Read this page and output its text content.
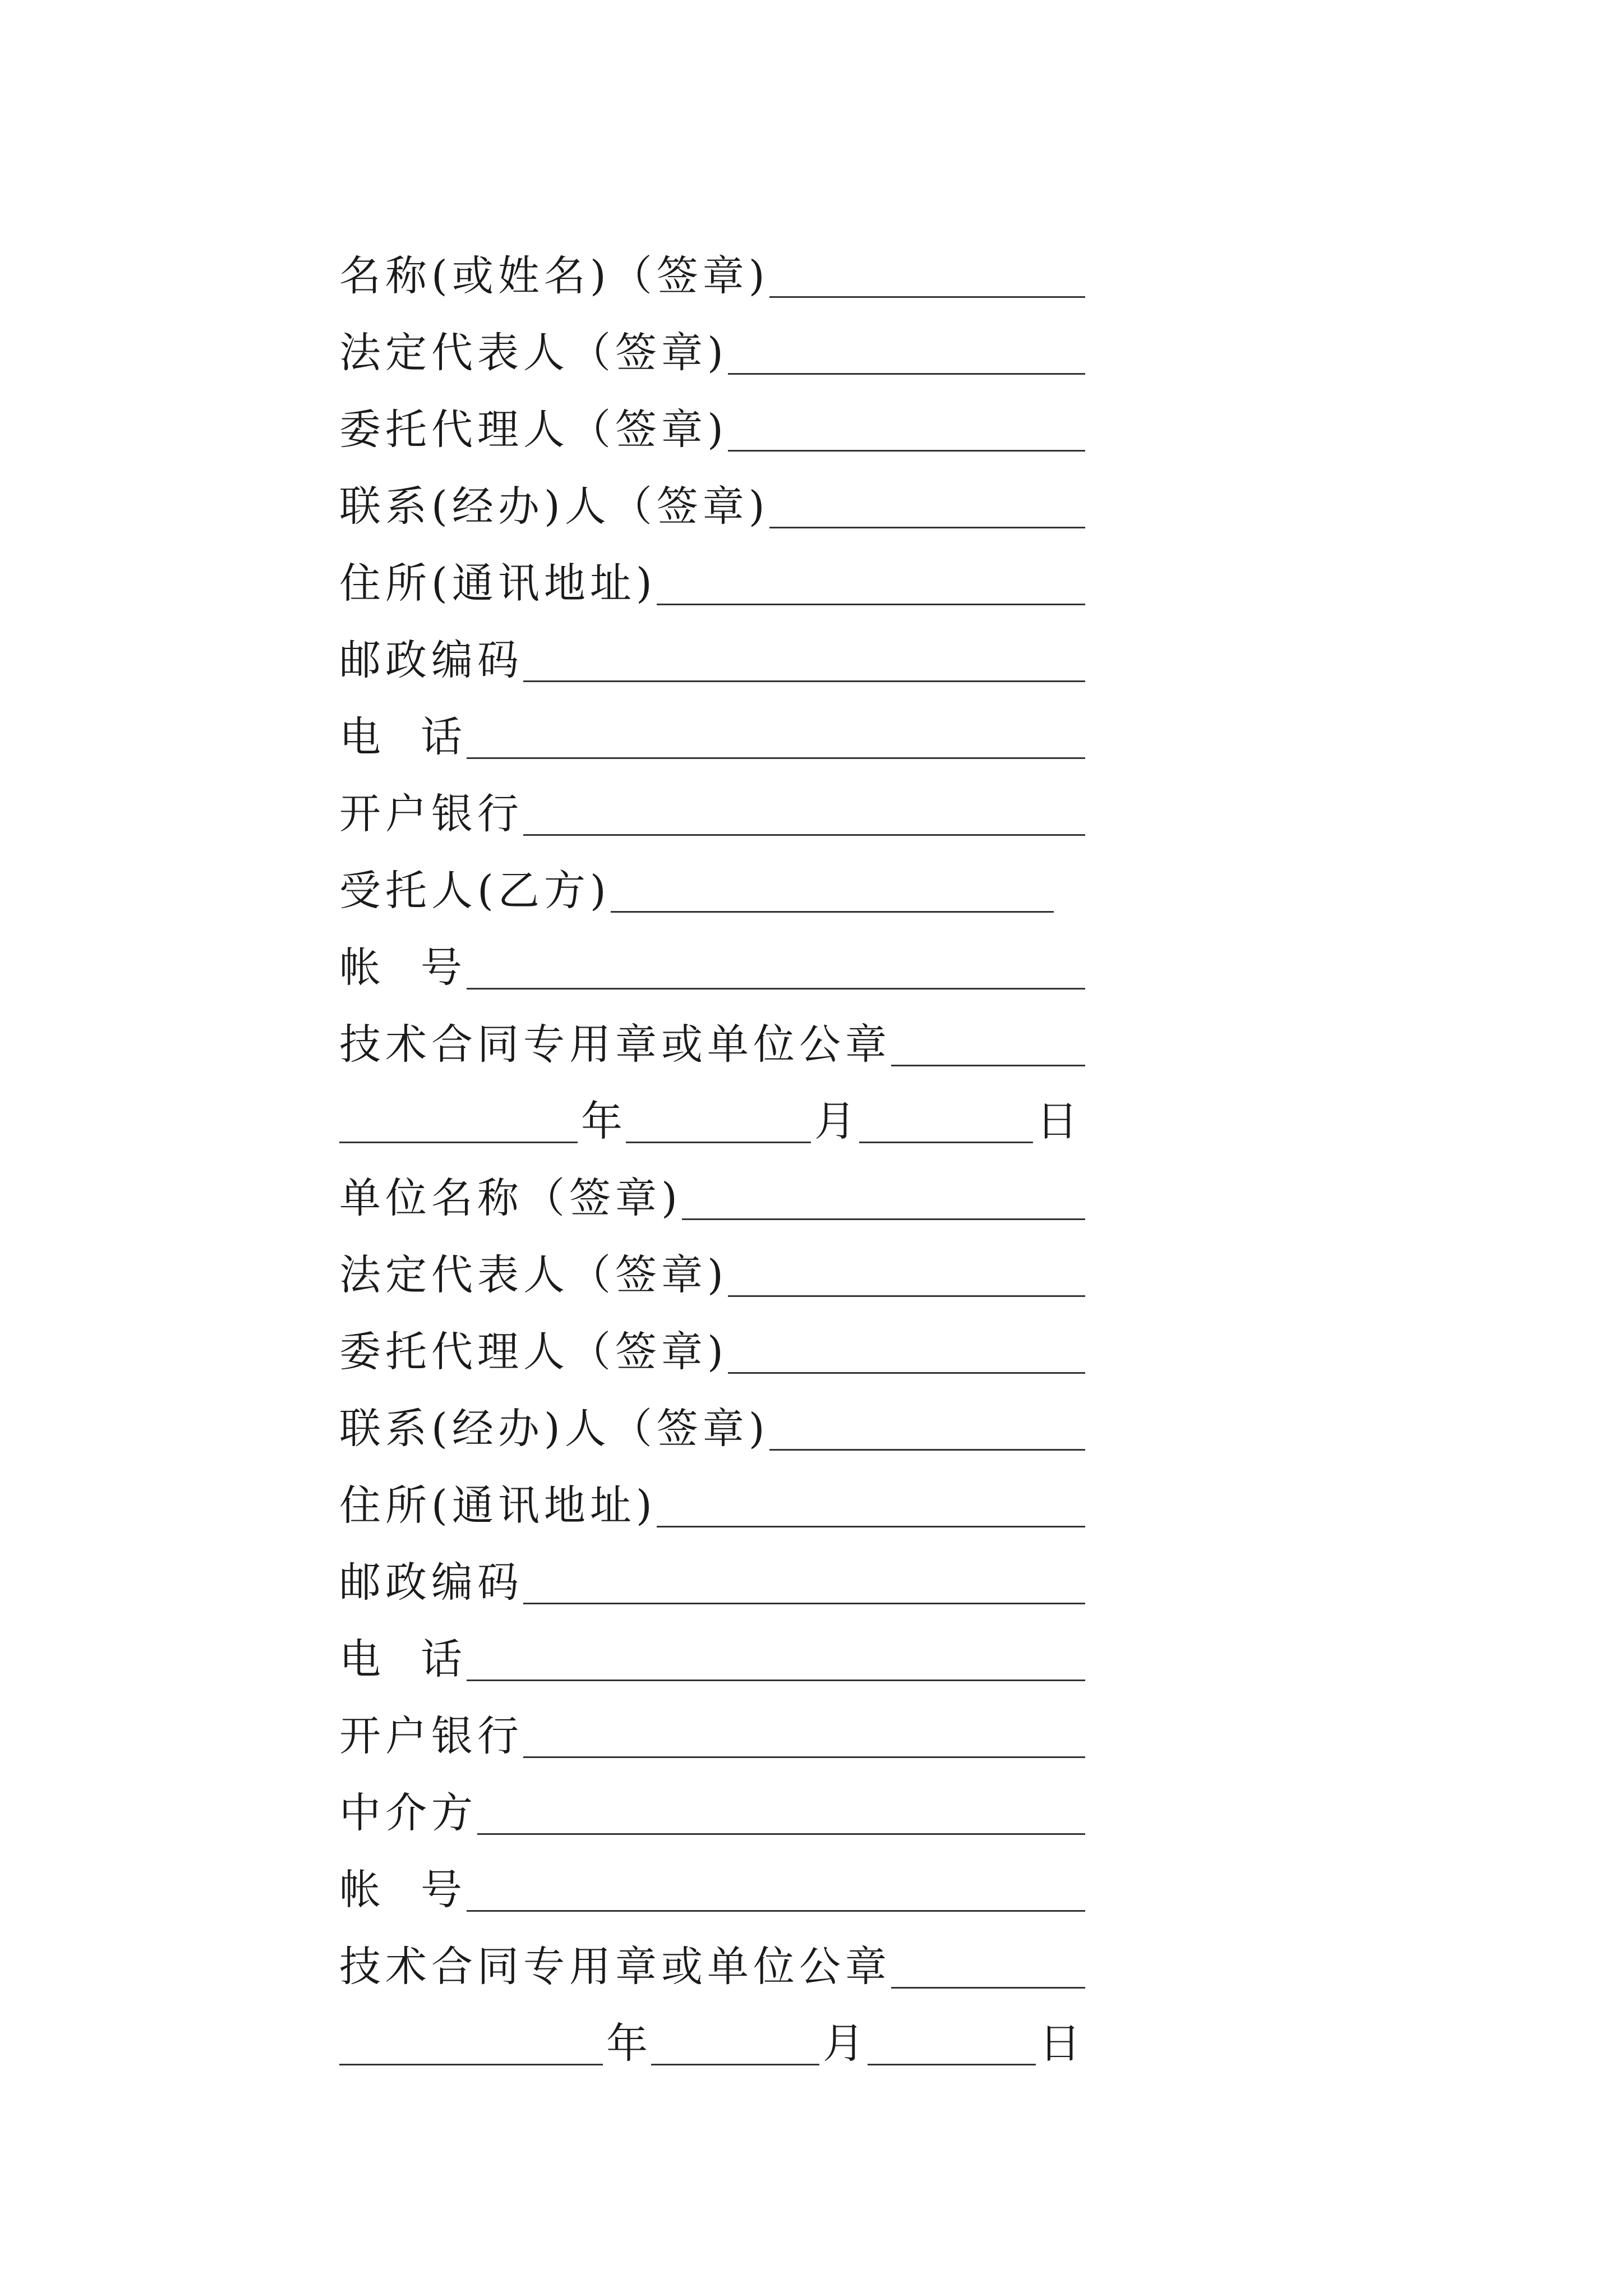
名称(或姓名)（签章)
法定代表人（签章)
委托代理人（签章)
联系(经办)人（签章)
住所(通讯地址)
邮政编码
电  话
开户银行
受托人(乙方)
帐  号
技术合同专用章或单位公章
年	月	日
单位名称（签章)
法定代表人（签章)
委托代理人（签章)
联系(经办)人（签章)
住所(通讯地址)
邮政编码
电  话
开户银行
中介方
帐  号
技术合同专用章或单位公章
年	月	日
